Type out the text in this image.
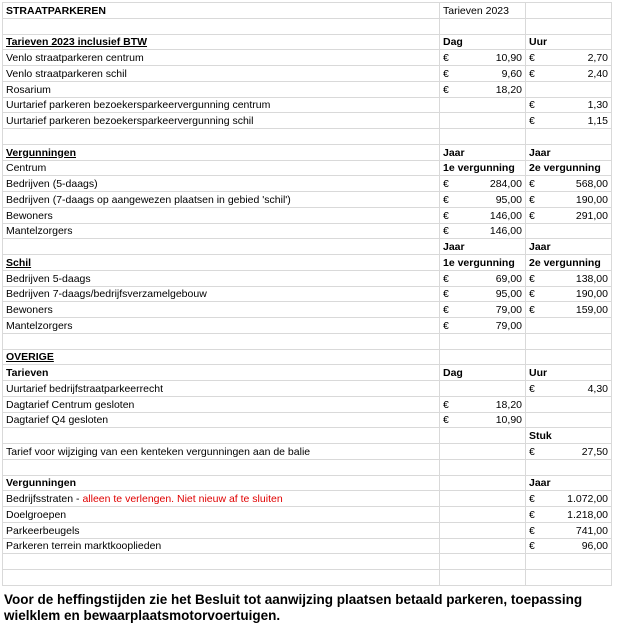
STRAATPARKEREN	Tarieven 2023	

Tarieven 2023 inclusief BTW	Dag	Uur
Venlo straatparkeren centrum	€ 10,90	€ 2,70

Venlo straatparkeren schil	€ 9,60	€ 2,40

Rosarium	€ 18,20	

Uurtarief parkeren bezoekersparkeervergunning centrum		€ 1,30

Uurtarief parkeren bezoekersparkeervergunning schil		€ 1,15

Vergunningen	Jaar	Jaar
Centrum	1e vergunning	2e vergunning
Bedrijven (5-daags)	€ 284,00	€ 568,00

Bedrijven (7-daags op aangewezen plaatsen in gebied 'schil')	€ 95,00	€ 190,00

Bewoners	€ 146,00	€ 291,00

Mantelzorgers	€ 146,00	

	Jaar	Jaar
Schil	1e vergunning	2e vergunning
Bedrijven 5-daags	€ 69,00	€ 138,00

Bedrijven 7-daags/bedrijfsverzamelgebouw	€ 95,00	€ 190,00

Bewoners	€ 79,00	€ 159,00

Mantelzorgers	€ 79,00	

OVERIGE		
Tarieven	Dag	Uur
Uurtarief bedrijfstraatparkeerrecht		€ 4,30

Dagtarief Centrum gesloten	€ 18,20	

Dagtarief Q4 gesloten	€ 10,90	

		Stuk
Tarief voor wijziging van een kenteken vergunningen aan de balie		€ 27,50

Vergunningen		Jaar
Bedrijfsstraten - alleen te verlengen. Niet nieuw af te sluiten		€ 1.072,00

Doelgroepen		€ 1.218,00

Parkeerbeugels		€ 741,00

Parkeren terrein marktkooplieden		€ 96,00

Voor de heffingstijden zie het Besluit tot aanwijzing plaatsen betaald parkeren, toepassing wielklem en bewaarplaatsmotorvoertuigen.
